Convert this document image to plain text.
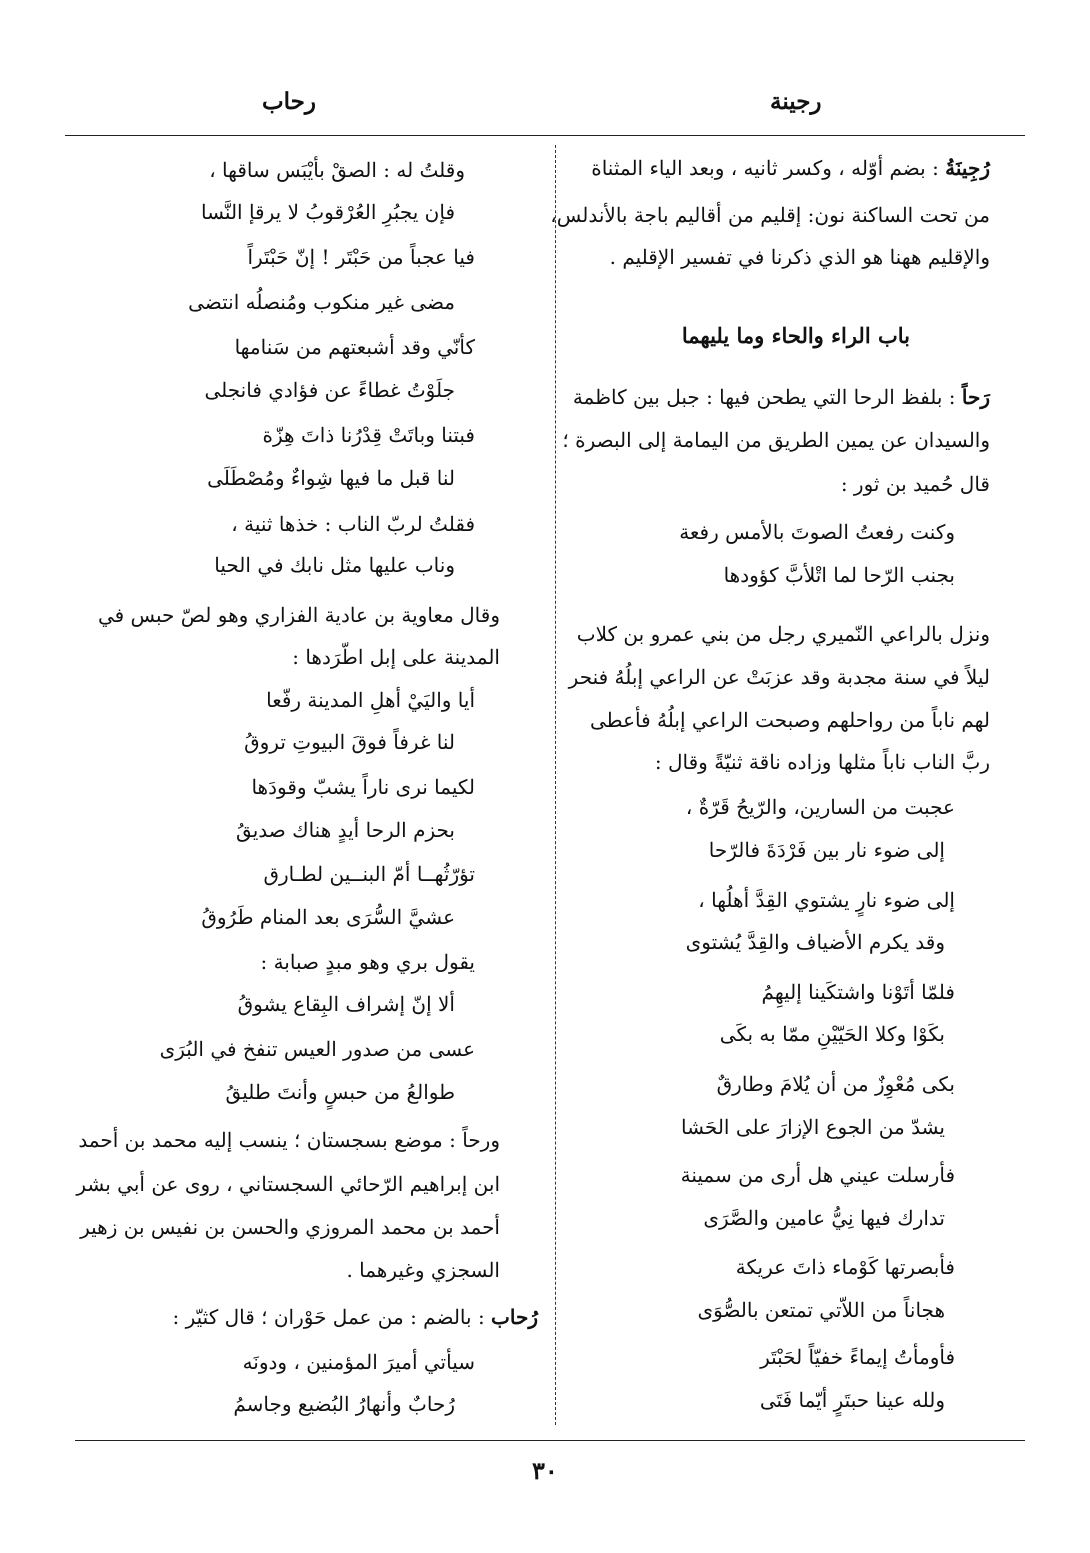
رجينة
رحاب
رُجِينَةُ : بضم أوّله ، وكسر ثانيه ، وبعد الياء المثناة
من تحت الساكنة نون: إقليم من أقاليم باجة بالأندلس،
والإقليم ههنا هو الذي ذكرنا في تفسير الإقليم .
باب الراء والحاء وما يليهما
رَحاً : بلفظ الرحا التي يطحن فيها : جبل بين كاظمة
والسيدان عن يمين الطريق من اليمامة إلى البصرة ؛
قال حُميد بن ثور :
وكنت رفعتُ الصوتَ بالأمس رفعة
بجنب الرّحا لما اتْلأبَّ كؤودها
ونزل بالراعي النّميري رجل من بني عمرو بن كلاب
ليلاً في سنة مجدبة وقد عزبَتْ عن الراعي إبلُهُ فنحر
لهم ناباً من رواحلهم وصبحت الراعي إبلُهُ فأعطى
ربَّ الناب ناباً مثلها وزاده ناقة ثنيّةً وقال :
عجبت من السارين، والرّيحُ قَرّةٌ ،
إلى ضوء نار بين فَرْدَةَ فالرّحا
إلى ضوء نارٍ يشتوي القِدَّ أهلُها ،
وقد يكرم الأضياف والقِدَّ يُشتوى
فلمّا أتَوْنا واشتكَينا إليهِمُ
بكَوْا وكلا الحَيّيْنِ ممّا به بكَى
بكى مُعْوِزٌ من أن يُلامَ وطارقٌ
يشدّ من الجوع الإزارَ على الحَشا
فأرسلت عيني هل أرى من سمينة
تدارك فيها نِيُّ عامين والصَّرَى
فأبصرتها كَوْماء ذاتَ عريكة
هجاناً من اللاّتي تمتعن بالصُّوَى
فأومأتُ إيماءً خفيّاً لحَبْتَر
ولله عينا حبتَرٍ أيّما فَتَى
وقلتُ له : الصقْ بأيْبَس ساقها ،
فإن يجبُرِ العُرْقوبُ لا يرقإ النَّسا
فيا عجباً من حَبْتَر ! إنّ حَبْتَراً
مضى غير منكوب ومُنصلُه انتضى
كأنّي وقد أشبعتهم من سَنامها
جلَوْتُ غطاءً عن فؤادي فانجلى
فبتنا وباتَتْ قِدْرُنا ذاتَ هِزّة
لنا قبل ما فيها شِواءٌ ومُصْطَلَى
فقلتُ لربّ الناب : خذها ثنية ،
وناب عليها مثل نابك في الحيا
وقال معاوية بن عادية الفزاري وهو لصّ حبس في
المدينة على إبل اطّرَدها :
أيا واليَيْ أهلِ المدينة رفّعا
لنا غرفاً فوقَ البيوتِ تروقُ
لكيما نرى ناراً يشبّ وقودَها
بحزم الرحا أيدٍ هناك صديقُ
تؤرّثُهــا أمّ البنــين لطـارق
عشيَّ السُّرَى بعد المنام طَرُوقُ
يقول بري وهو مبدٍ صبابة :
ألا إنّ إشراف البِقاع يشوقُ
عسى من صدور العيس تنفخ في البُرَى
طوالعُ من حبسٍ وأنتَ طليقُ
ورحاً : موضع بسجستان ؛ ينسب إليه محمد بن أحمد
ابن إبراهيم الرّحائي السجستاني ، روى عن أبي بشر
أحمد بن محمد المروزي والحسن بن نفيس بن زهير
السجزي وغيرهما .
رُحاب : بالضم : من عمل حَوْران ؛ قال كثيّر :
سيأتي أميرَ المؤمنين ، ودونَه
رُحابٌ وأنهارُ البُضيع وجاسمُ
٣٠
